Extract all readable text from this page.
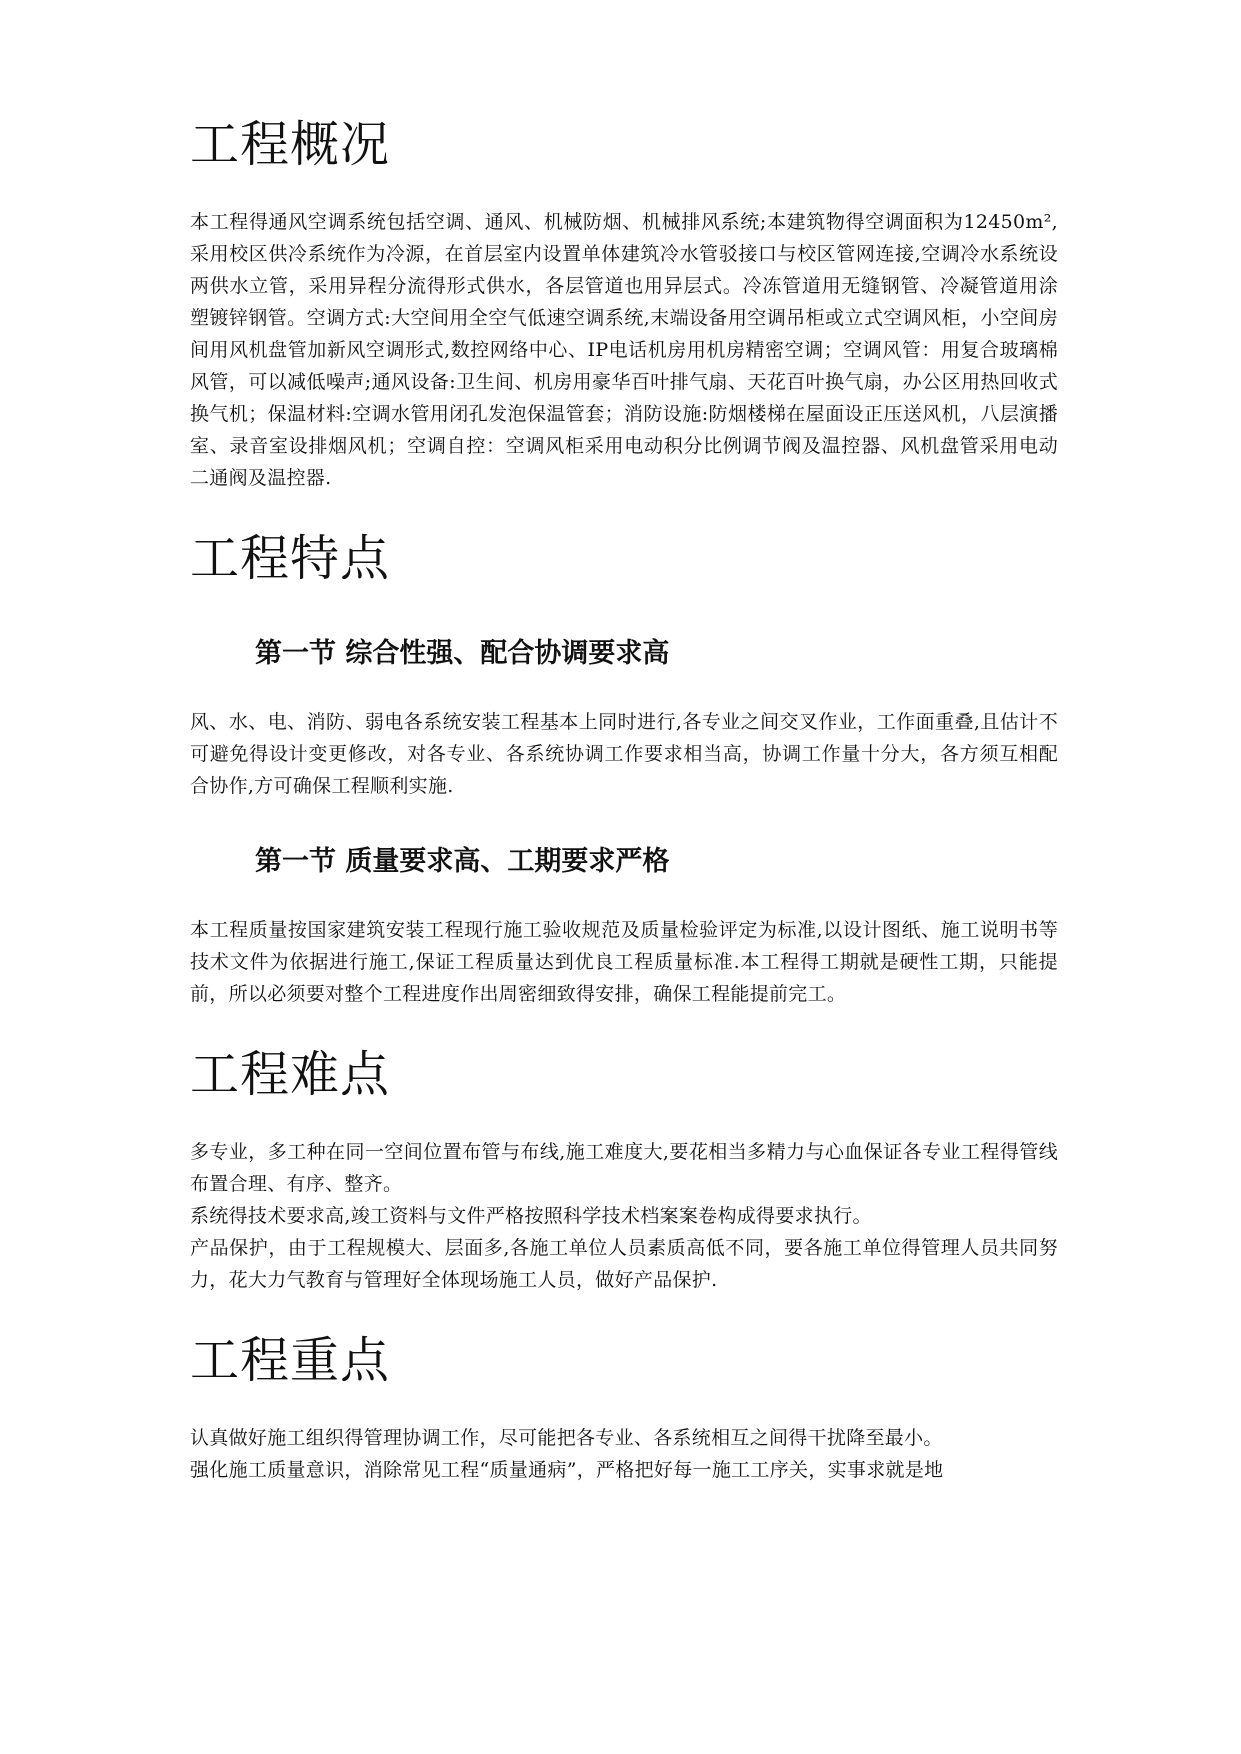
工程概况

本工程得通风空调系统包括空调、通风、机械防烟、机械排风系统;本建筑物得空调面积为12450m², 采用校区供冷系统作为冷源，在首层室内设置单体建筑冷水管驳接口与校区管网连接,空调冷水系统设两供水立管，采用异程分流得形式供水，各层管道也用异层式。冷冻管道用无缝钢管、冷凝管道用涂塑镀锌钢管。空调方式:大空间用全空气低速空调系统,末端设备用空调吊柜或立式空调风柜，小空间房间用风机盘管加新风空调形式,数控网络中心、IP电话机房用机房精密空调；空调风管：用复合玻璃棉风管，可以减低噪声;通风设备:卫生间、机房用豪华百叶排气扇、天花百叶换气扇，办公区用热回收式换气机；保温材料:空调水管用闭孔发泡保温管套；消防设施:防烟楼梯在屋面设正压送风机，八层演播室、录音室设排烟风机；空调自控：空调风柜采用电动积分比例调节阀及温控器、风机盘管采用电动二通阀及温控器.

工程特点
第一节 综合性强、配合协调要求高

风、水、电、消防、弱电各系统安装工程基本上同时进行,各专业之间交叉作业，工作面重叠,且估计不可避免得设计变更修改，对各专业、各系统协调工作要求相当高，协调工作量十分大，各方须互相配合协作,方可确保工程顺利实施.

第一节 质量要求高、工期要求严格

本工程质量按国家建筑安装工程现行施工验收规范及质量检验评定为标准,以设计图纸、施工说明书等技术文件为依据进行施工,保证工程质量达到优良工程质量标准.本工程得工期就是硬性工期，只能提前，所以必须要对整个工程进度作出周密细致得安排，确保工程能提前完工。

工程难点

多专业，多工种在同一空间位置布管与布线,施工难度大,要花相当多精力与心血保证各专业工程得管线布置合理、有序、整齐。

系统得技术要求高,竣工资料与文件严格按照科学技术档案案卷构成得要求执行。

产品保护，由于工程规模大、层面多,各施工单位人员素质高低不同，要各施工单位得管理人员共同努力，花大力气教育与管理好全体现场施工人员，做好产品保护.

工程重点

认真做好施工组织得管理协调工作，尽可能把各专业、各系统相互之间得干扰降至最小。

强化施工质量意识，消除常见工程“质量通病”，严格把好每一施工工序关，实事求就是地
